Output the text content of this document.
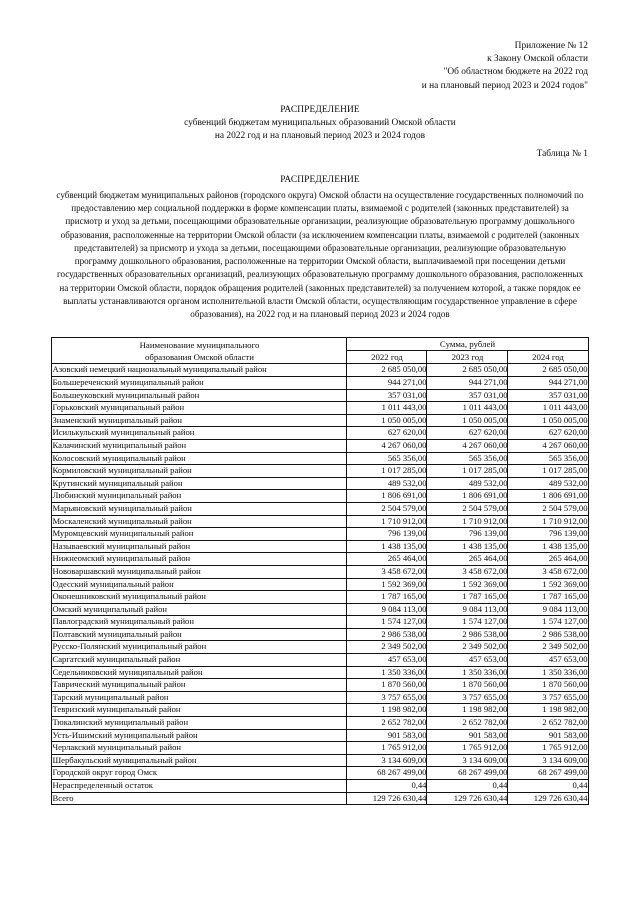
Приложение № 12
к Закону Омской области
"Об областном бюджете на 2022 год
и на плановый период 2023 и 2024 годов"
РАСПРЕДЕЛЕНИЕ
субвенций бюджетам муниципальных образований Омской области
на 2022 год и на плановый период 2023 и 2024 годов
Таблица № 1
РАСПРЕДЕЛЕНИЕ

субвенций бюджетам муниципальных районов (городского округа) Омской области на осуществление государственных полномочий по предоставлению мер социальной поддержки в форме компенсации платы, взимаемой с родителей (законных представителей) за присмотр и уход за детьми, посещающими образовательные организации, реализующие образовательную программу дошкольного образования, расположенные на территории Омской области (за исключением компенсации платы, взимаемой с родителей (законных представителей) за присмотр и ухода за детьми, посещающими образовательные организации, реализующие образовательную программу дошкольного образования, расположенные на территории Омской области, выплачиваемой при посещении детьми государственных образовательных организаций, реализующих образовательную программу дошкольного образования, расположенных на территории Омской области, порядок обращения родителей (законных представителей) за получением которой, а также порядок ее выплаты устанавливаются органом исполнительной власти Омской области, осуществляющим государственное управление в сфере образования), на 2022 год и на плановый период 2023 и 2024 годов

Наименование муниципального
образования Омской области	Сумма, рублей		
	2022 год	2023 год	2024 год
Азовский немецкий национальный муниципальный район	2 685 050,00	2 685 050,00	2 685 050,00
Большереченский муниципальный район	944 271,00	944 271,00	944 271,00
Большеуковский муниципальный район	357 031,00	357 031,00	357 031,00
Горьковский муниципальный район	1 011 443,00	1 011 443,00	1 011 443,00
Знаменский муниципальный район	1 050 005,00	1 050 005,00	1 050 005,00
Исилькульский муниципальный район	627 620,00	627 620,00	627 620,00
Калачинский муниципальный район	4 267 060,00	4 267 060,00	4 267 060,00
Колосовский муниципальный район	565 356,00	565 356,00	565 356,00
Кормиловский муниципальный район	1 017 285,00	1 017 285,00	1 017 285,00
Крутинский муниципальный район	489 532,00	489 532,00	489 532,00
Любинский муниципальный район	1 806 691,00	1 806 691,00	1 806 691,00
Марьяновский муниципальный район	2 504 579,00	2 504 579,00	2 504 579,00
Москаленский муниципальный район	1 710 912,00	1 710 912,00	1 710 912,00
Муромцевский муниципальный район	796 139,00	796 139,00	796 139,00
Называевский муниципальный район	1 438 135,00	1 438 135,00	1 438 135,00
Нижнеомский муниципальный район	265 464,00	265 464,00	265 464,00
Нововаршавский муниципальный район	3 458 672,00	3 458 672,00	3 458 672,00
Одесский муниципальный район	1 592 369,00	1 592 369,00	1 592 369,00
Оконешниковский муниципальный район	1 787 165,00	1 787 165,00	1 787 165,00
Омский муниципальный район	9 084 113,00	9 084 113,00	9 084 113,00
Павлоградский муниципальный район	1 574 127,00	1 574 127,00	1 574 127,00
Полтавский муниципальный район	2 986 538,00	2 986 538,00	2 986 538,00
Русско-Полянский муниципальный район	2 349 502,00	2 349 502,00	2 349 502,00
Саргатский муниципальный район	457 653,00	457 653,00	457 653,00
Седельниковский муниципальный район	1 350 336,00	1 350 336,00	1 350 336,00
Таврический муниципальный район	1 870 560,00	1 870 560,00	1 870 560,00
Тарский муниципальный район	3 757 655,00	3 757 655,00	3 757 655,00
Тевризский муниципальный район	1 198 982,00	1 198 982,00	1 198 982,00
Тюкалинский муниципальный район	2 652 782,00	2 652 782,00	2 652 782,00
Усть-Ишимский муниципальный район	901 583,00	901 583,00	901 583,00
Черлакский муниципальный район	1 765 912,00	1 765 912,00	1 765 912,00
Шербакульский муниципальный район	3 134 609,00	3 134 609,00	3 134 609,00
Городской округ город Омск	68 267 499,00	68 267 499,00	68 267 499,00
Нераспределенный остаток	0,44	0,44	0,44
Всего	129 726 630,44	129 726 630,44	129 726 630,44
